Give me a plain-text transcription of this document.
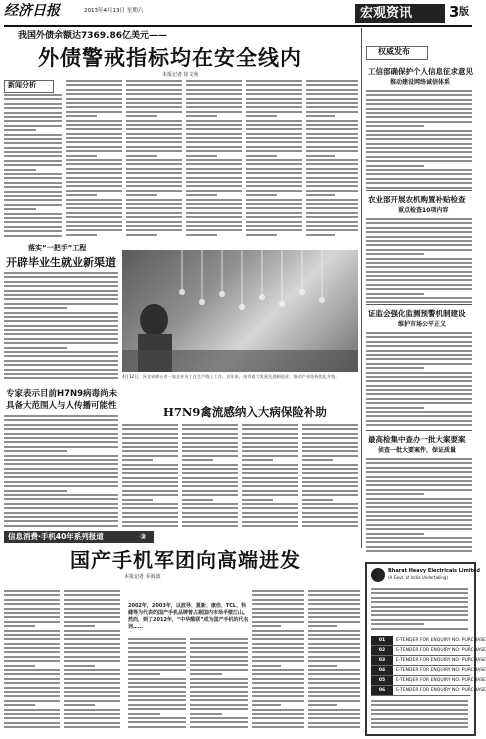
经济日报	2013年4月13日 星期六	宏观资讯 3 版
我国外债余额达7369.86亿美元——
外债警戒指标均在安全线内
本报记者 崔文苑
新闻分析
落实“一把手”工程
开辟毕业生就业新渠道
4月12日，河北省邢台市一家企业员工在生产线上工作。近年来，该市着力发展先进制造业，推动产业结构优化升级。
专家表示目前H7N9病毒尚未
具备大范围人与人传播可能性	H7N9禽流感纳入大病保险补助
信息消费·手机40年系列报道	③
国产手机军团向高端进发
本报记者 乔海波
2002年，2003年，以波导、夏新、康佳、TCL、科健等为代表的国产手机品牌曾占据国内市场半壁江山。然而，到了2012年，“中华酷联”成为国产手机的代名词……
权威发布
工信部确保护个人信息征求意见
推动建设网络诚信体系
农业部开展农机购置补贴检查
重点检查10项内容
证监会强化监测预警机制建设
维护市场公平正义
最高检集中查办一批大案要案
侦查一批大要案件，保证质量
Bharat Heavy Electricals Limited
(A Govt. of India Undertaking)
01 E-TENDER FOR ENQUIRY NO: PURCHASE
02 E-TENDER FOR ENQUIRY NO: PURCHASE
03 E-TENDER FOR ENQUIRY NO: PURCHASE
04 E-TENDER FOR ENQUIRY NO: PURCHASE
05 E-TENDER FOR ENQUIRY NO: PURCHASE
06 E-TENDER FOR ENQUIRY NO: PURCHASE
